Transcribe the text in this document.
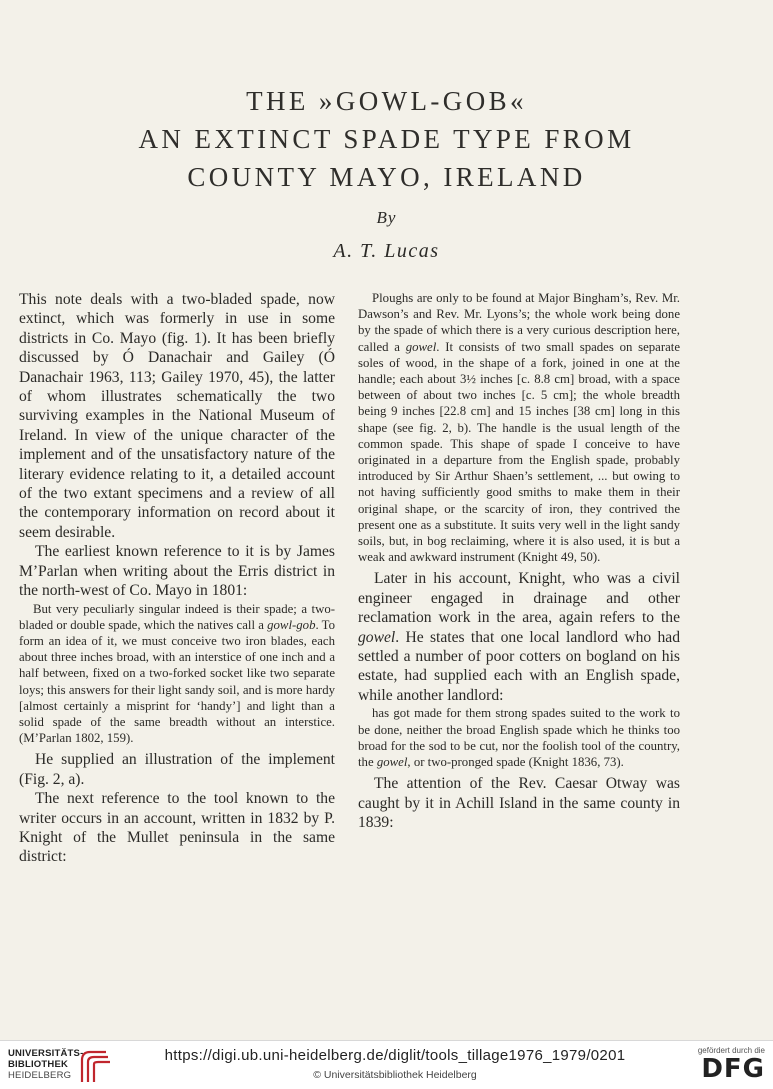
THE »GOWL-GOB«
AN EXTINCT SPADE TYPE FROM
COUNTY MAYO, IRELAND
By
A. T. Lucas

This note deals with a two-bladed spade, now extinct, which was formerly in use in some districts in Co. Mayo (fig. 1). It has been briefly discussed by Ó Danachair and Gailey (Ó Danachair 1963, 113; Gailey 1970, 45), the latter of whom illustrates schematically the two surviving examples in the National Museum of Ireland. In view of the unique character of the implement and of the unsatisfactory nature of the literary evidence relating to it, a detailed account of the two extant specimens and a review of all the contemporary information on record about it seem desirable.

The earliest known reference to it is by James M’Parlan when writing about the Erris district in the north-west of Co. Mayo in 1801:

But very peculiarly singular indeed is their spade; a two-bladed or double spade, which the natives call a gowl-gob. To form an idea of it, we must conceive two iron blades, each about three inches broad, with an interstice of one inch and a half between, fixed on a two-forked socket like two separate loys; this answers for their light sandy soil, and is more hardy [almost certainly a misprint for ‘handy’] and light than a solid spade of the same breadth without an interstice. (M’Parlan 1802, 159).

He supplied an illustration of the implement (Fig. 2, a).

The next reference to the tool known to the writer occurs in an account, written in 1832 by P. Knight of the Mullet peninsula in the same district:

Ploughs are only to be found at Major Bingham’s, Rev. Mr. Dawson’s and Rev. Mr. Lyons’s; the whole work being done by the spade of which there is a very curious description here, called a gowel. It consists of two small spades on separate soles of wood, in the shape of a fork, joined in one at the handle; each about 3½ inches [c. 8.8 cm] broad, with a space between of about two inches [c. 5 cm]; the whole breadth being 9 inches [22.8 cm] and 15 inches [38 cm] long in this shape (see fig. 2, b). The handle is the usual length of the common spade. This shape of spade I conceive to have originated in a departure from the English spade, probably introduced by Sir Arthur Shaen’s settlement, ... but owing to not having sufficiently good smiths to make them in their original shape, or the scarcity of iron, they contrived the present one as a substitute. It suits very well in the light sandy soils, but, in bog reclaiming, where it is also used, it is but a weak and awkward instrument (Knight 49, 50).

Later in his account, Knight, who was a civil engineer engaged in drainage and other reclamation work in the area, again refers to the gowel. He states that one local landlord who had settled a number of poor cotters on bogland on his estate, had supplied each with an English spade, while another landlord:

has got made for them strong spades suited to the work to be done, neither the broad English spade which he thinks too broad for the sod to be cut, nor the foolish tool of the country, the gowel, or two-pronged spade (Knight 1836, 73).

The attention of the Rev. Caesar Otway was caught by it in Achill Island in the same county in 1839:

UNIVERSITÄTS-
BIBLIOTHEK
HEIDELBERG
https://digi.ub.uni-heidelberg.de/diglit/tools_tillage1976_1979/0201
© Universitätsbibliothek Heidelberg
gefördert durch die
DFG
